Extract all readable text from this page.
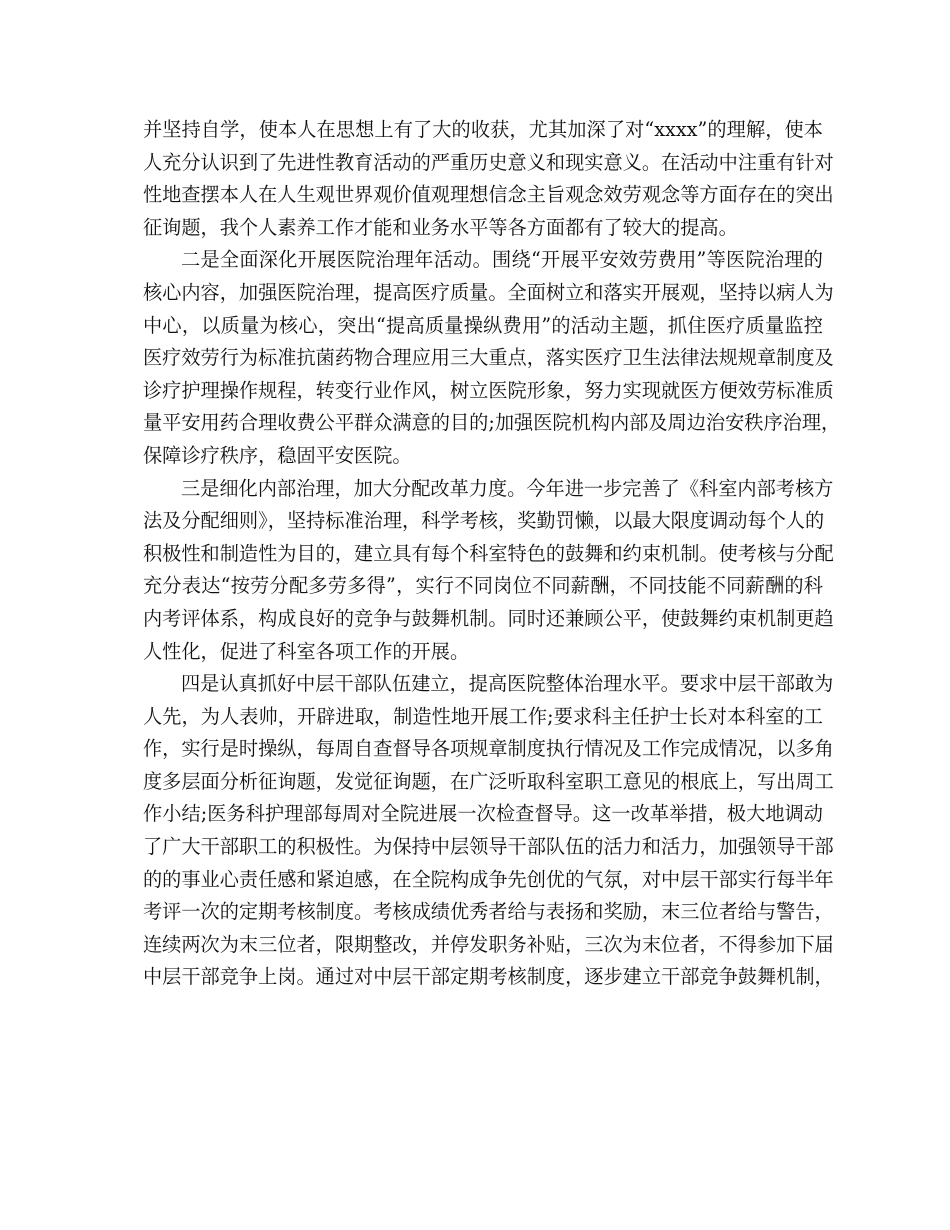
并坚持自学，使本人在思想上有了大的收获，尤其加深了对“xxxx”的理解，使本
人充分认识到了先进性教育活动的严重历史意义和现实意义。在活动中注重有针对
性地查摆本人在人生观世界观价值观理想信念主旨观念效劳观念等方面存在的突出
征询题，我个人素养工作才能和业务水平等各方面都有了较大的提高。
二是全面深化开展医院治理年活动。围绕“开展平安效劳费用”等医院治理的
核心内容，加强医院治理，提高医疗质量。全面树立和落实开展观，坚持以病人为
中心，以质量为核心，突出“提高质量操纵费用”的活动主题，抓住医疗质量监控
医疗效劳行为标准抗菌药物合理应用三大重点，落实医疗卫生法律法规规章制度及
诊疗护理操作规程，转变行业作风，树立医院形象，努力实现就医方便效劳标准质
量平安用药合理收费公平群众满意的目的;加强医院机构内部及周边治安秩序治理，
保障诊疗秩序，稳固平安医院。
三是细化内部治理，加大分配改革力度。今年进一步完善了《科室内部考核方
法及分配细则》，坚持标准治理，科学考核，奖勤罚懒，以最大限度调动每个人的
积极性和制造性为目的，建立具有每个科室特色的鼓舞和约束机制。使考核与分配
充分表达“按劳分配多劳多得”，实行不同岗位不同薪酬，不同技能不同薪酬的科
内考评体系，构成良好的竞争与鼓舞机制。同时还兼顾公平，使鼓舞约束机制更趋
人性化，促进了科室各项工作的开展。
四是认真抓好中层干部队伍建立，提高医院整体治理水平。要求中层干部敢为
人先，为人表帅，开辟进取，制造性地开展工作;要求科主任护士长对本科室的工
作，实行是时操纵，每周自查督导各项规章制度执行情况及工作完成情况，以多角
度多层面分析征询题，发觉征询题，在广泛听取科室职工意见的根底上，写出周工
作小结;医务科护理部每周对全院进展一次检查督导。这一改革举措，极大地调动
了广大干部职工的积极性。为保持中层领导干部队伍的活力和活力，加强领导干部
的的事业心责任感和紧迫感，在全院构成争先创优的气氛，对中层干部实行每半年
考评一次的定期考核制度。考核成绩优秀者给与表扬和奖励，末三位者给与警告，
连续两次为末三位者，限期整改，并停发职务补贴，三次为末位者，不得参加下届
中层干部竞争上岗。通过对中层干部定期考核制度，逐步建立干部竞争鼓舞机制，
